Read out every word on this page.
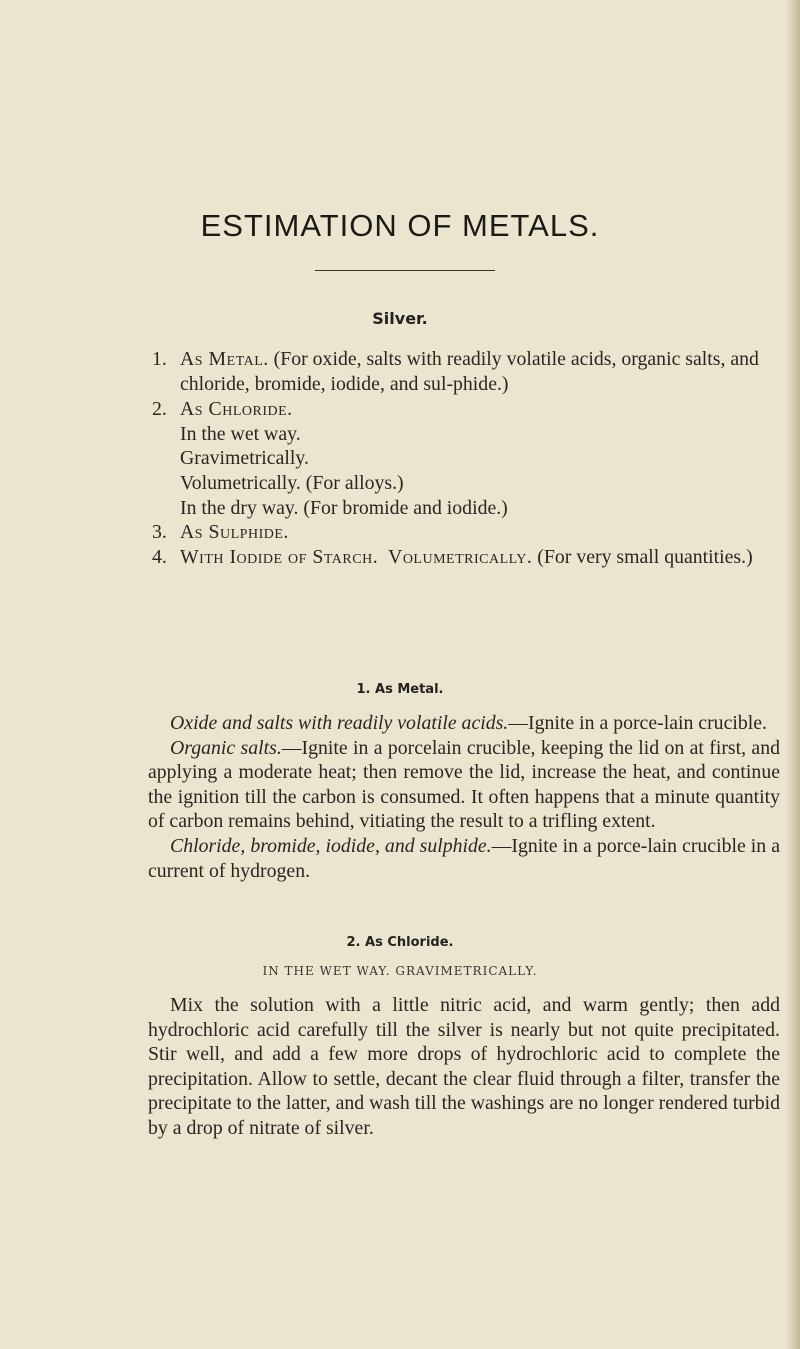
ESTIMATION OF METALS.
Silver.
1. As Metal. (For oxide, salts with readily volatile acids, organic salts, and chloride, bromide, iodide, and sul-phide.)
2. As Chloride.
In the wet way.
Gravimetrically.
Volumetrically. (For alloys.)
In the dry way. (For bromide and iodide.)
3. As Sulphide.
4. With Iodide of Starch. Volumetrically. (For very small quantities.)
1. As Metal.

Oxide and salts with readily volatile acids.—Ignite in a porce-lain crucible.

Organic salts.—Ignite in a porcelain crucible, keeping the lid on at first, and applying a moderate heat; then remove the lid, increase the heat, and continue the ignition till the carbon is consumed. It often happens that a minute quantity of carbon remains behind, vitiating the result to a trifling extent.

Chloride, bromide, iodide, and sulphide.—Ignite in a porce-lain crucible in a current of hydrogen.

2. As Chloride.
IN THE WET WAY. GRAVIMETRICALLY.

Mix the solution with a little nitric acid, and warm gently; then add hydrochloric acid carefully till the silver is nearly but not quite precipitated. Stir well, and add a few more drops of hydrochloric acid to complete the precipitation. Allow to settle, decant the clear fluid through a filter, transfer the precipitate to the latter, and wash till the washings are no longer rendered turbid by a drop of nitrate of silver.
